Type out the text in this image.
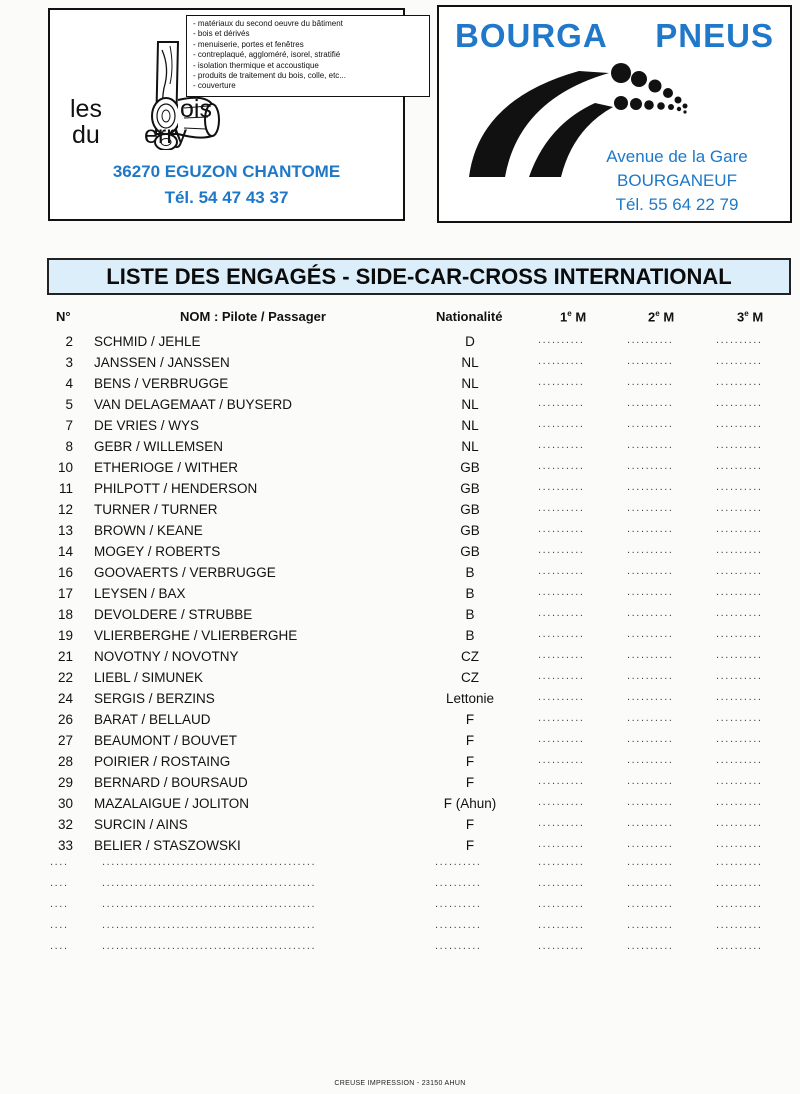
- matériaux du second oeuvre du bâtiment
- bois et dérivés
- menuiserie, portes et fenêtres
- contreplaqué, aggloméré, isorel, stratifié
- isolation thermique et accoustique
- produits de traitement du bois, colle, etc...
- couverture
les	ois
du erry
36270 EGUZON CHANTOME
Tél. 54 47 43 37
BOURGA PNEUS
Avenue de la Gare
BOURGANEUF
Tél. 55 64 22 79
LISTE DES ENGAGÉS - SIDE-CAR-CROSS INTERNATIONAL
N°	NOM : Pilote / Passager	Nationalité	1e M	2e M	3e M
2 SCHMID / JEHLE	D	..........	..........	..........
3 JANSSEN / JANSSEN	NL	..........	..........	..........
4 BENS / VERBRUGGE	NL	..........	..........	..........
5 VAN DELAGEMAAT / BUYSERD	NL	..........	..........	..........
7 DE VRIES / WYS	NL	..........	..........	..........
8 GEBR / WILLEMSEN	NL	..........	..........	..........
10 ETHERIOGE / WITHER	GB	..........	..........	..........
11 PHILPOTT / HENDERSON	GB	..........	..........	..........
12 TURNER / TURNER	GB	..........	..........	..........
13 BROWN / KEANE	GB	..........	..........	..........
14 MOGEY / ROBERTS	GB	..........	..........	..........
16 GOOVAERTS / VERBRUGGE	B	..........	..........	..........
17 LEYSEN / BAX	B	..........	..........	..........
18 DEVOLDERE / STRUBBE	B	..........	..........	..........
19 VLIERBERGHE / VLIERBERGHE	B	..........	..........	..........
21 NOVOTNY / NOVOTNY	CZ	..........	..........	..........
22 LIEBL / SIMUNEK	CZ	..........	..........	..........
24 SERGIS / BERZINS	Lettonie	..........	..........	..........
26 BARAT / BELLAUD	F	..........	..........	..........
27 BEAUMONT / BOUVET	F	..........	..........	..........
28 POIRIER / ROSTAING	F	..........	..........	..........
29 BERNARD / BOURSAUD	F	..........	..........	..........
30 MAZALAIGUE / JOLITON	F (Ahun)	..........	..........	..........
32 SURCIN / AINS	F	..........	..........	..........
33 BELIER / STASZOWSKI	F	..........	..........	..........
....	..............................................	..........	..........	..........	..........
....	..............................................	..........	..........	..........	..........
....	..............................................	..........	..........	..........	..........
....	..............................................	..........	..........	..........	..........
....	..............................................	..........	..........	..........	..........
CREUSE IMPRESSION - 23150 AHUN
